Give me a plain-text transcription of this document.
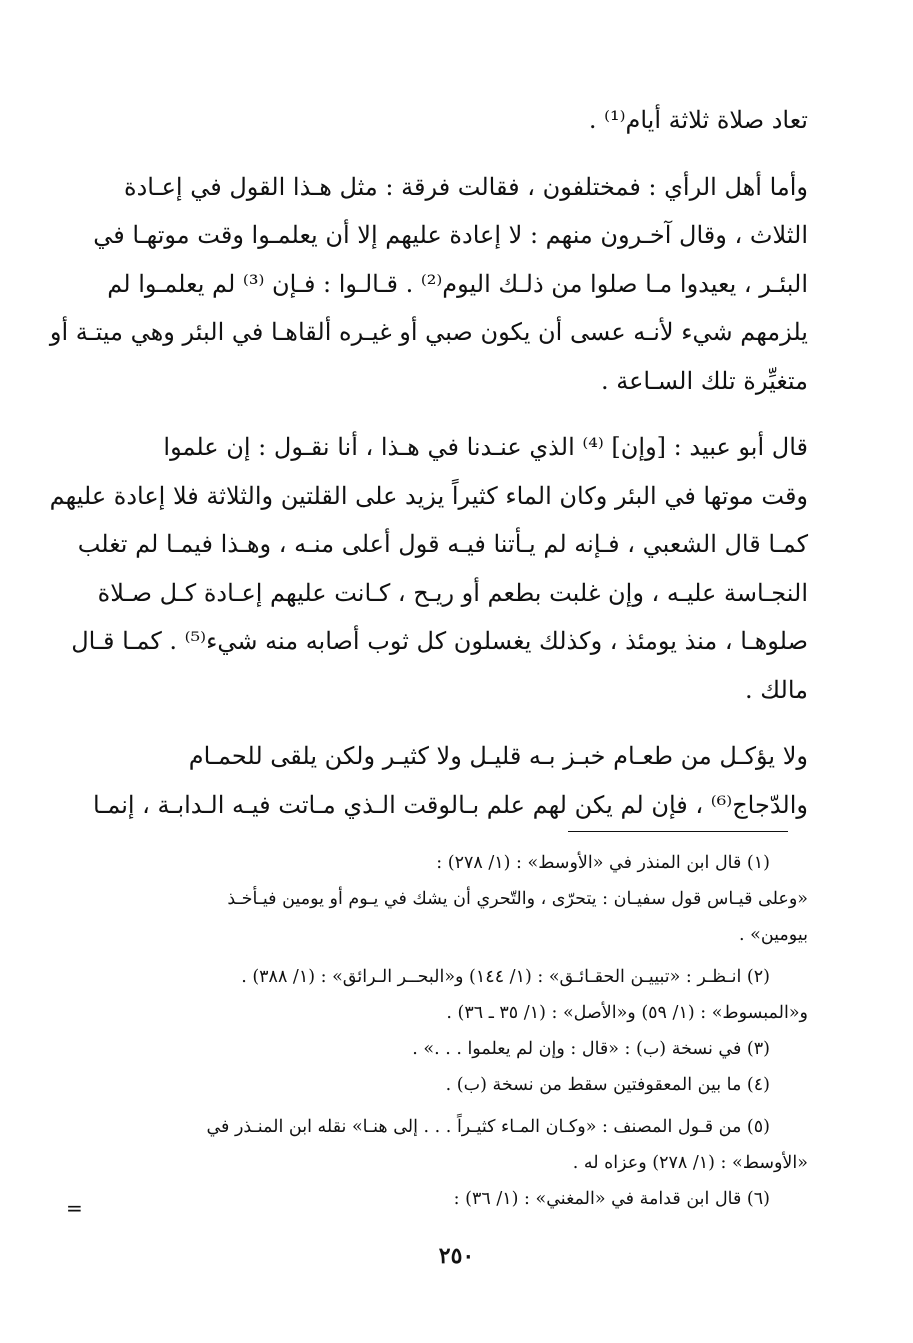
تعاد صلاة ثلاثة أيام⁽¹⁾ .
وأما أهل الرأي : فمختلفون ، فقالت فرقة : مثل هـذا القول في إعـادة
الثلاث ، وقال آخـرون منهم : لا إعادة عليهم إلا أن يعلمـوا وقت موتهـا في
البئـر ، يعيدوا مـا صلوا من ذلـك اليوم⁽²⁾ . قـالـوا : فـإن ⁽³⁾ لم يعلمـوا لم
يلزمهم شيء لأنـه عسى أن يكون صبي أو غيـره ألقاهـا في البئر وهي ميتـة أو
متغيِّرة تلك السـاعة .
قال أبو عبيد : [وإن] ⁽⁴⁾ الذي عنـدنا في هـذا ، أنا نقـول : إن علموا
وقت موتها في البئر وكان الماء كثيراً يزيد على القلتين والثلاثة فلا إعادة عليهم
كمـا قال الشعبي ، فـإنه لم يـأتنا فيـه قول أعلى منـه ، وهـذا فيمـا لم تغلب
النجـاسة عليـه ، وإن غلبت بطعم أو ريـح ، كـانت عليهم إعـادة كـل صـلاة
صلوهـا ، منذ يومئذ ، وكذلك يغسلون كل ثوب أصابه منه شيء⁽⁵⁾ . كمـا قـال
مالك .
ولا يؤكـل من طعـام خبـز بـه قليـل ولا كثيـر ولكن يلقى للحمـام
والدّجاج⁽⁶⁾ ، فإن لم يكن لهم علم بـالوقت الـذي مـاتت فيـه الـدابـة ، إنمـا
(١) قال ابن المنذر في «الأوسط» : (١/ ٢٧٨) :
«وعلى قيـاس قول سفيـان : يتحرّى ، والتّحري أن يشك في يـوم أو يومين فيـأخـذ
بيومين» .
(٢) انـظـر : «تبييـن الحقـائـق» : (١/ ١٤٤) و«البحــر الـرائق» : (١/ ٣٨٨) .
و«المبسوط» : (١/ ٥٩) و«الأصل» : (١/ ٣٥ ـ ٣٦) .
(٣) في نسخة (ب) : «قال : وإن لم يعلموا . . .» .
(٤) ما بين المعقوفتين سقط من نسخة (ب) .
(٥) من قـول المصنف : «وكـان المـاء كثيـراً . . . إلى هنـا» نقله ابن المنـذر في
«الأوسط» : (١/ ٢٧٨) وعزاه له .
(٦) قال ابن قدامة في «المغني» : (١/ ٣٦) :
=
٢٥٠
